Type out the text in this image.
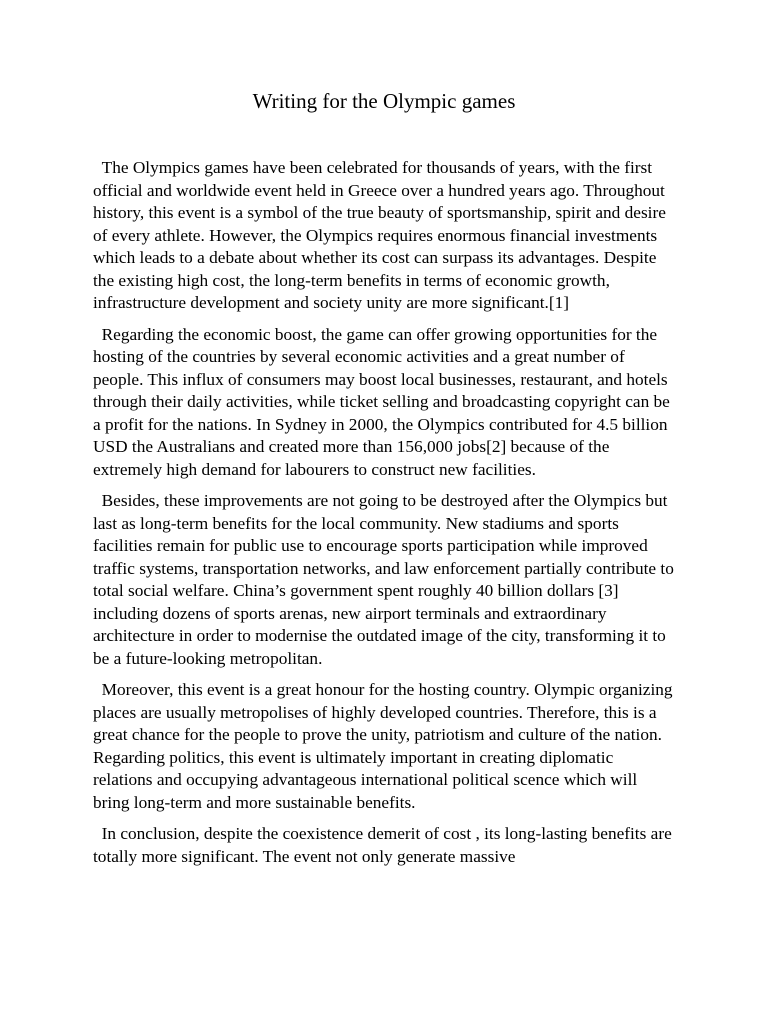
Writing for the Olympic games

The Olympics games have been celebrated for thousands of years, with the first official and worldwide event held in Greece over a hundred years ago. Throughout history, this event is a symbol of the true beauty of sportsmanship, spirit and desire of every athlete. However, the Olympics requires enormous financial investments which leads to a debate about whether its cost can surpass its advantages. Despite the existing high cost, the long-term benefits in terms of economic growth, infrastructure development and society unity are more significant.[1]

Regarding the economic boost, the game can offer growing opportunities for the hosting of the countries by several economic activities and a great number of people. This influx of consumers may boost local businesses, restaurant, and hotels through their daily activities, while ticket selling and broadcasting copyright can be a profit for the nations. In Sydney in 2000, the Olympics contributed for 4.5 billion USD the Australians and created more than 156,000 jobs[2] because of the extremely high demand for labourers to construct new facilities.

Besides, these improvements are not going to be destroyed after the Olympics but last as long-term benefits for the local community. New stadiums and sports facilities remain for public use to encourage sports participation while improved traffic systems, transportation networks, and law enforcement partially contribute to total social welfare. China’s government spent roughly 40 billion dollars [3] including dozens of sports arenas, new airport terminals and extraordinary architecture in order to modernise the outdated image of the city, transforming it to be a future-looking metropolitan.

Moreover, this event is a great honour for the hosting country. Olympic organizing places are usually metropolises of highly developed countries. Therefore, this is a great chance for the people to prove the unity, patriotism and culture of the nation. Regarding politics, this event is ultimately important in creating diplomatic relations and occupying advantageous international political scence which will bring long-term and more sustainable benefits.

In conclusion, despite the coexistence demerit of cost , its long-lasting benefits are totally more significant. The event not only generate massive
